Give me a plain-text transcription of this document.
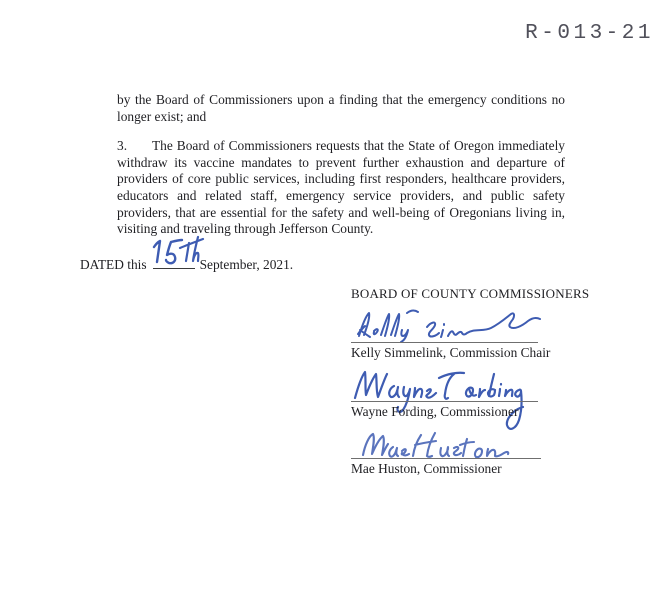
R-013-21

by the Board of Commissioners upon a finding that the emergency conditions no longer exist; and

3. The Board of Commissioners requests that the State of Oregon immediately withdraw its vaccine mandates to prevent further exhaustion and departure of providers of core public services, including first responders, healthcare providers, educators and related staff, emergency service providers, and public safety providers, that are essential for the safety and well-being of Oregonians living in, visiting and traveling through Jefferson County.

DATED this	September, 2021.
BOARD OF COUNTY COMMISSIONERS
Kelly Simmelink, Commission Chair
Wayne Fording, Commissioner
Mae Huston, Commissioner
